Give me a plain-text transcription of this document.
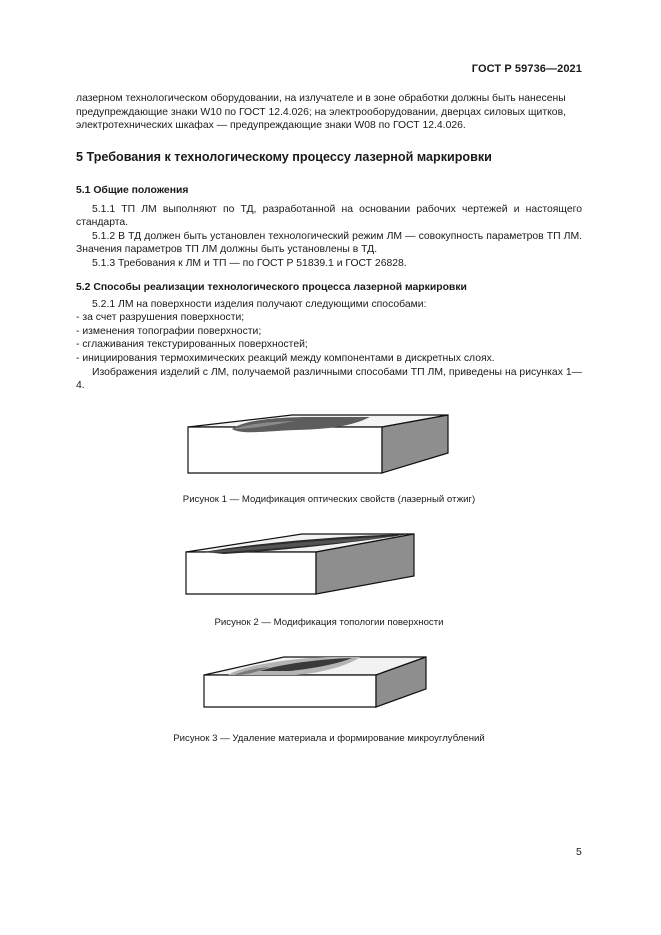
ГОСТ Р 59736—2021
лазерном технологическом оборудовании, на излучателе и в зоне обработки должны быть нанесены
предупреждающие знаки W10 по ГОСТ 12.4.026; на электрооборудовании, дверцах силовых щитков,
электротехнических шкафах — предупреждающие знаки W08 по ГОСТ 12.4.026.
5 Требования к технологическому процессу лазерной маркировки
5.1 Общие положения
5.1.1 ТП ЛМ выполняют по ТД, разработанной на основании рабочих чертежей и настоящего стандарта.
5.1.2 В ТД должен быть установлен технологический режим ЛМ — совокупность параметров ТП ЛМ. Значения параметров ТП ЛМ должны быть установлены в ТД.
5.1.3 Требования к ЛМ и ТП — по ГОСТ Р 51839.1 и ГОСТ 26828.
5.2 Способы реализации технологического процесса лазерной маркировки
5.2.1 ЛМ на поверхности изделия получают следующими способами:
- за счет разрушения поверхности;
- изменения топографии поверхности;
- сглаживания текстурированных поверхностей;
- инициирования термохимических реакций между компонентами в дискретных слоях.
Изображения изделий с ЛМ, получаемой различными способами ТП ЛМ, приведены на рисунках 1—4.
Рисунок 1 — Модификация оптических свойств (лазерный отжиг)
Рисунок 2 — Модификация топологии поверхности
Рисунок 3 — Удаление материала и формирование микроуглублений
5
